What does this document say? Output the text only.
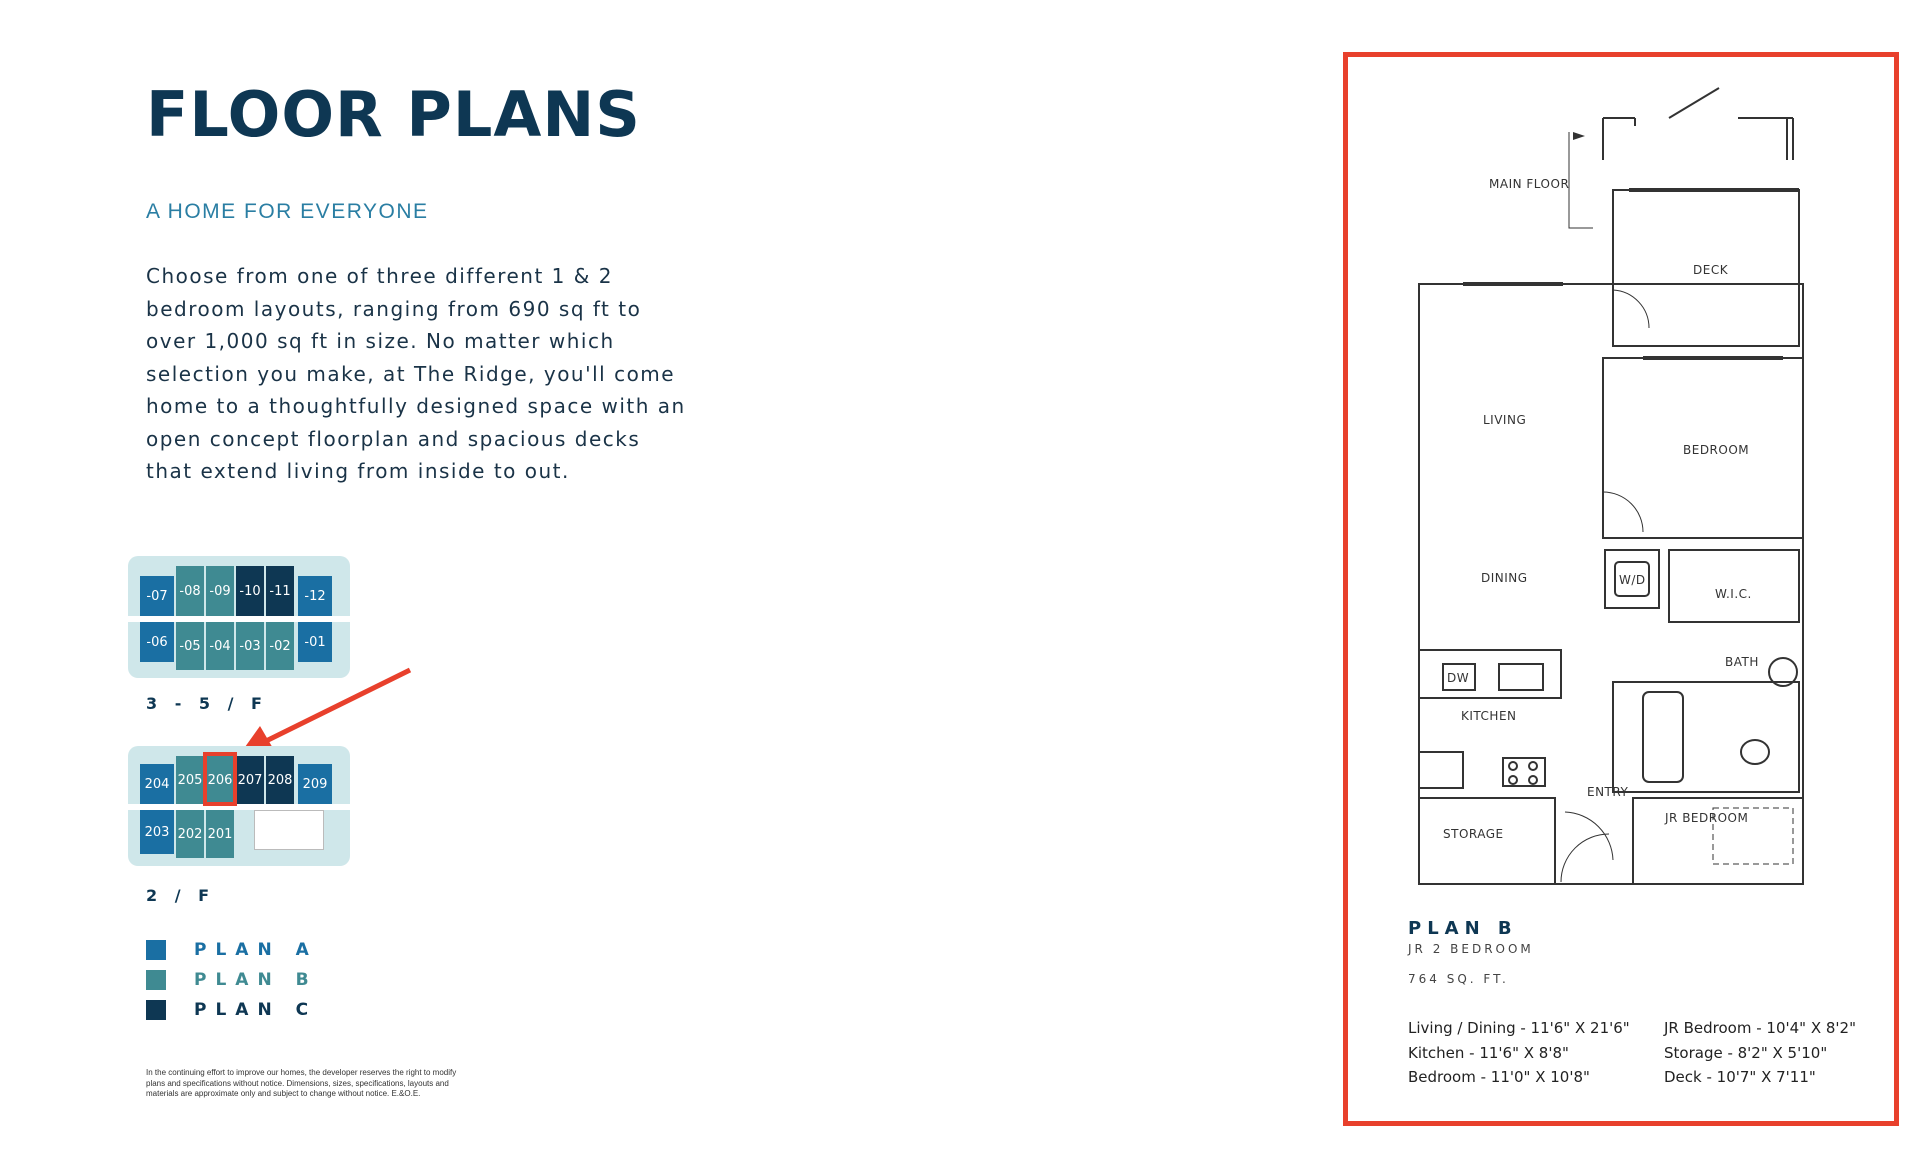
FLOOR PLANS
A HOME FOR EVERYONE
Choose from one of three different 1 & 2 bedroom layouts, ranging from 690 sq ft to over 1,000 sq ft in size. No matter which selection you make, at The Ridge, you'll come home to a thoughtfully designed space with an open concept floorplan and spacious decks that extend living from inside to out.
-07 -08 -09 -10 -11	-12
-06 -05 -04 -03 -02	-01
3 - 5 / F
204 205 206 207 208 209
203 202 201
2 / F
PLAN A
PLAN B
PLAN C
In the continuing effort to improve our homes, the developer reserves the right to modify plans and specifications without notice. Dimensions, sizes, specifications, layouts and materials are approximate only and subject to change without notice. E.&O.E.
MAIN FLOOR
DECK
LIVING
BEDROOM
DINING	W/D
W.I.C.
DW
BATH
KITCHEN
ENTRY
JR BEDROOM
STORAGE
PLAN B
JR 2 BEDROOM
764 SQ. FT.
Living / Dining - 11'6" X 21'6"
Kitchen - 11'6" X 8'8"
Bedroom - 11'0" X 10'8"
JR Bedroom - 10'4" X 8'2"
Storage - 8'2" X 5'10"
Deck - 10'7" X 7'11"
